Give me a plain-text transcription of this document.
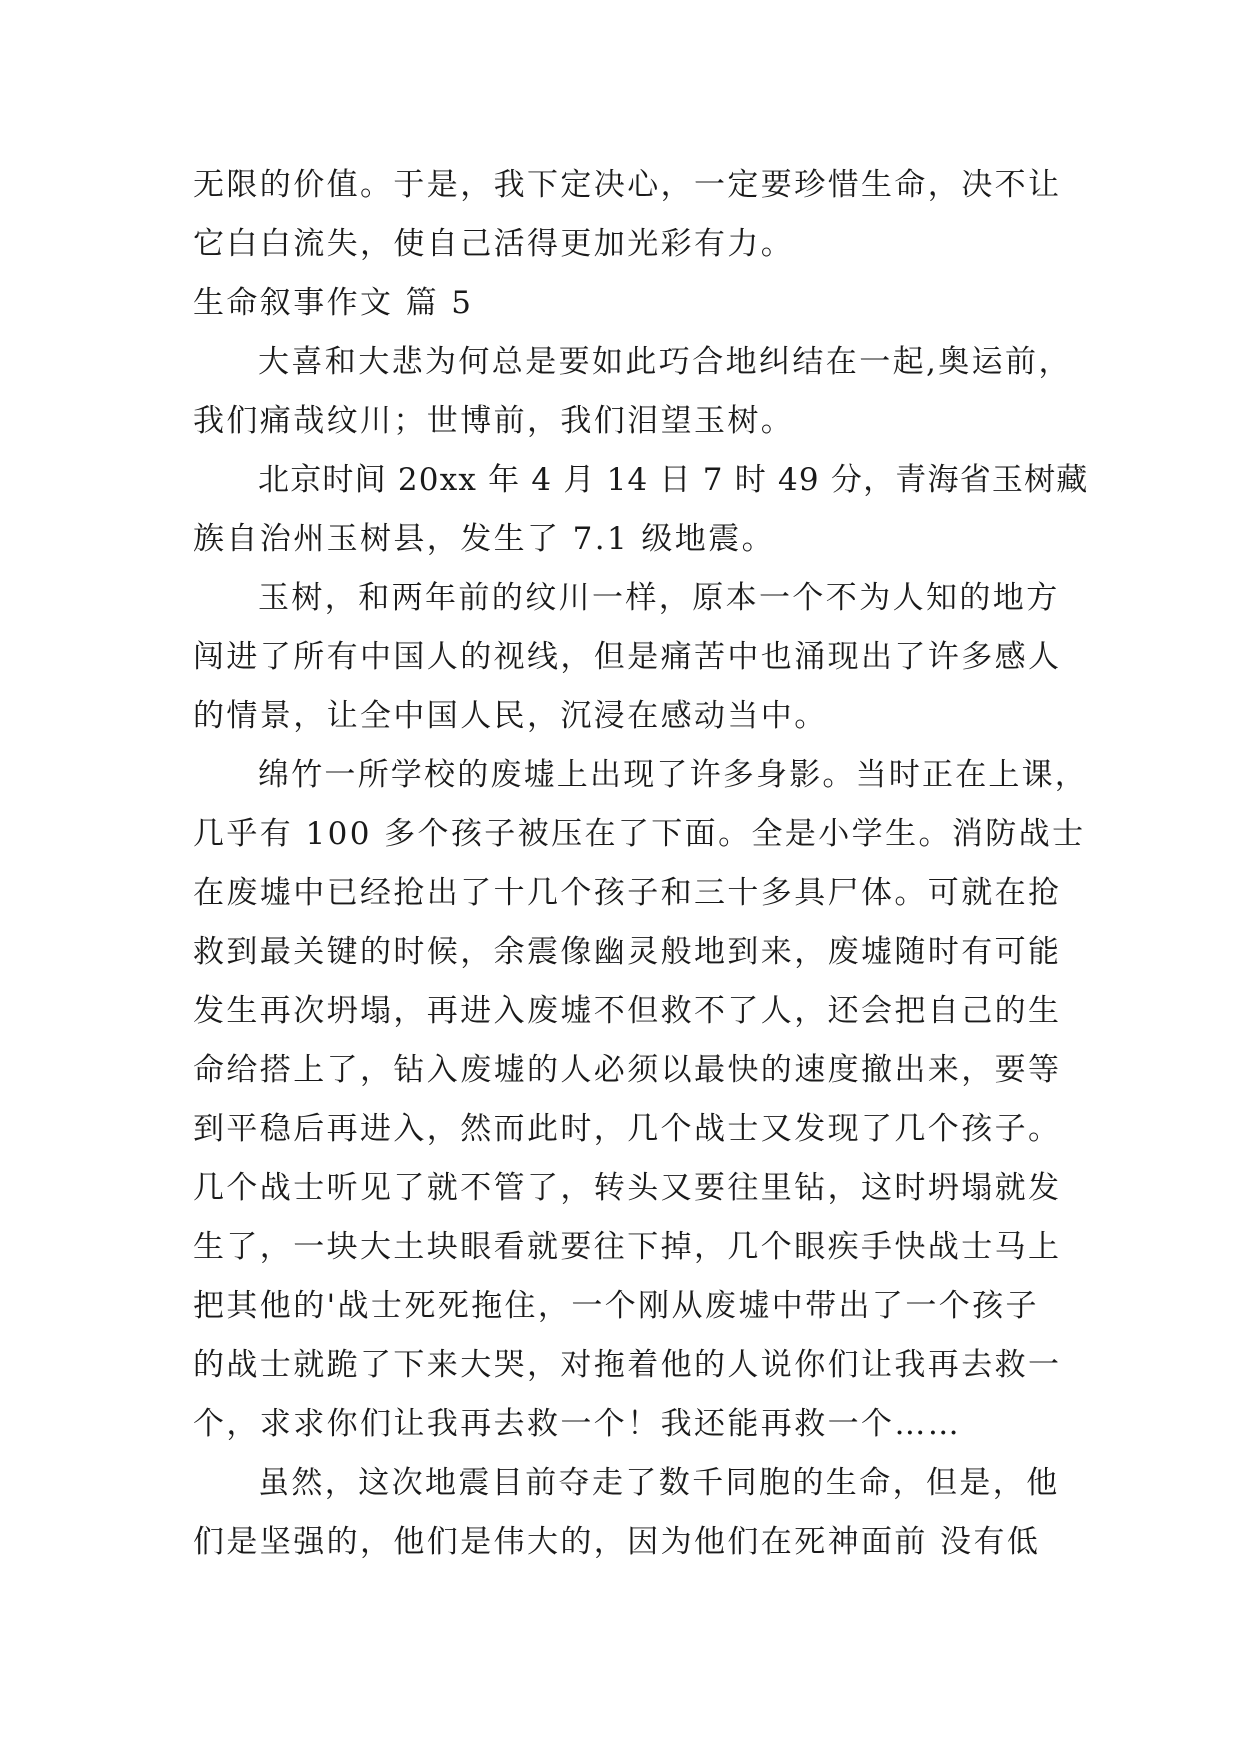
无限的价值。于是，我下定决心，一定要珍惜生命，决不让
它白白流失，使自己活得更加光彩有力。
生命叙事作文 篇 5
大喜和大悲为何总是要如此巧合地纠结在一起,奥运前，
我们痛哉纹川；世博前，我们泪望玉树。
北京时间 20xx 年 4 月 14 日 7 时 49 分，青海省玉树藏
族自治州玉树县，发生了 7.1 级地震。
玉树，和两年前的纹川一样，原本一个不为人知的地方
闯进了所有中国人的视线，但是痛苦中也涌现出了许多感人
的情景，让全中国人民，沉浸在感动当中。
绵竹一所学校的废墟上出现了许多身影。当时正在上课，
几乎有 100 多个孩子被压在了下面。全是小学生。消防战士
在废墟中已经抢出了十几个孩子和三十多具尸体。可就在抢
救到最关键的时候，余震像幽灵般地到来，废墟随时有可能
发生再次坍塌，再进入废墟不但救不了人，还会把自己的生
命给搭上了，钻入废墟的人必须以最快的速度撤出来，要等
到平稳后再进入，然而此时，几个战士又发现了几个孩子。
几个战士听见了就不管了，转头又要往里钻，这时坍塌就发
生了，一块大土块眼看就要往下掉，几个眼疾手快战士马上
把其他的'战士死死拖住，一个刚从废墟中带出了一个孩子
的战士就跪了下来大哭，对拖着他的人说你们让我再去救一
个，求求你们让我再去救一个！我还能再救一个……
虽然，这次地震目前夺走了数千同胞的生命，但是，他
们是坚强的，他们是伟大的，因为他们在死神面前 没有低
